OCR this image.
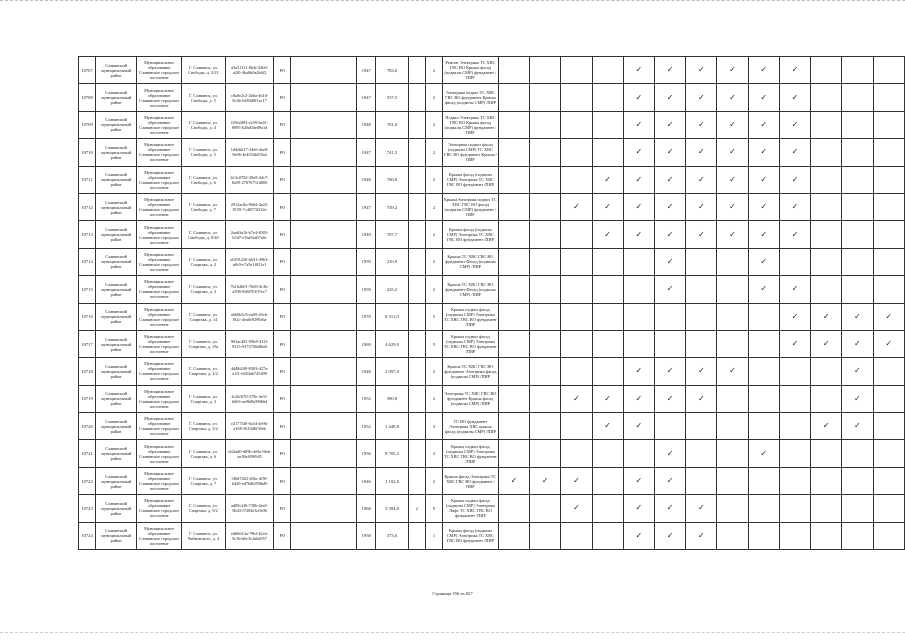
10707	Славянский муниципальный район	Муниципальное образование Славянское городское поселение	Г. Славянск, ул. Свободы, д. 3/21	a5a31111-0b4f-42b0-a2f0-4ba6b0a2b6f2	РО		1947	783,0		2	Ремонт Электрика ТС ХВС ГВС ВО Крыша фасад (подвалы СМР) фундамент /ПИР					✓	✓	✓	✓	✓	✓			
10708	Славянский муниципальный район	Муниципальное образование Славянское городское поселение	Г. Славянск, ул. Свободы, д. 5	c8a0e2c2-2b6a-4b16-8c4b-6284d8f1ac17	РО		1947	557,5		2	Электрика подвал ТС ХВС ГВС ВО фундамент Крыша фасад (подвалы СМР) /ПИР					✓	✓	✓	✓	✓	✓			
10709	Славянский муниципальный район	Муниципальное образование Славянское городское поселение	Г. Славянск, ул. Свободы, д. 4	f29e2d93-e239-4a41-8995-b26d0de09a1d	РО		1948	781,0		2	Подвал Электрика ТС ХВС ГВС ВО Крыша фасад (подвалы СМР) фундамент /ПИР					✓	✓	✓	✓	✓	✓			
10710	Славянский муниципальный район	Муниципальное образование Славянское городское поселение	Г. Славянск, ул. Свободы, д. 5	1d4ebb17-24e6-4ee8-9e06-4e4f52dd50a4	РО		1947	741,5		2	Электрика подвал фасад (подвалы СМР) ТС ХВС ГВС ВО фундамент Крыша /ПИР					✓	✓	✓	✓	✓	✓			
10711	Славянский муниципальный район	Муниципальное образование Славянское городское поселение	Г. Славянск, ул. Свободы, д. 6	b13c0702-28e8-44c7-8a59-27876751d006	РО		1948	760,0		2	Крыша фасад (подвалы СМР) Электрика ТС ХВС ГВС ВО фундамент /ПИР				✓	✓	✓	✓	✓	✓	✓			
10712	Славянский муниципальный район	Муниципальное образование Славянское городское поселение	Г. Славянск, ул. Свободы, д. 7	2912ac8a-9b0d-4a22-8159-7c4f973f322e	РО		1947	749,2		2	КрышаЭлектрика подвал ТС ХВС ГВС ВО фасад (подвалы СМР) фундамент /ПИР			✓	✓	✓	✓	✓	✓	✓	✓			
10713	Славянский муниципальный район	Муниципальное образование Славянское городское поселение	Г. Славянск, ул. Свободы, д. 8/40	2aa63a1b-b7e4-4003-b5d7-e1ba5ea07a6c	РО		1949	707,7		2	Крыша фасад (подвалы СМР) Электрика ТС ХВС ГВС ВО фундамент /ПИР				✓	✓	✓	✓	✓	✓	✓			
10714	Славянский муниципальный район	Муниципальное образование Славянское городское поселение	Г. Славянск, ул. Спартака, д. 2	e0291220-b631-49b3-a8c9-e7a5e1f021e1	РО		1959	210,9		2	Крыша ТС ХВС ГВС ВО фундамент Фасад (подвалы СМР) /ПИР						✓			✓				
10715	Славянский муниципальный район	Муниципальное образование Славянское городское поселение	Г. Славянск, ул. Спартака, д. 3	7b162b01-7b00-4c3b-a598-8d6f70107ec7	РО		1959	225,2		2	Крыша ТС ХВС ГВС ВО фундамент Фасад (подвалы СМР) /ПИР						✓			✓	✓			
10716	Славянский муниципальный район	Муниципальное образование Славянское городское поселение	Г. Славянск, ул. Спартака, д. 14	a6b0b5c9-ea09-43cb-8f2c-4ea0e9299a6a	РО		1970	8 311,0		5	Крыша подвал фасад (подвалы СМР) Электрика ТС ХВС ГВС ВО фундамент /ПИР										✓	✓	✓	✓
10717	Славянский муниципальный район	Муниципальное образование Славянское городское поселение	Г. Славянск, ул. Спартака, д. 15а	963ac481-09b8-412f-9315-9373700a8be6	РО		1969	4 629,9		5	Крыша подвал фасад (подвалы СМР) Электрика ТС ХВС ГВС ВО фундамент /ПИР										✓	✓	✓	✓
10718	Славянский муниципальный район	Муниципальное образование Славянское городское поселение	Г. Славянск, ул. Спартака, д. 2/2	4d48d3f0-8303-427a-a1f1-6454ab745499	РО		1948	2 097,0		2	Крыша ТС ХВС ГВС ВО фундамент Электрика фасад (подвалы СМР) /ПИР					✓	✓	✓	✓				✓	
10719	Славянский муниципальный район	Муниципальное образование Славянское городское поселение	Г. Славянск, ул. Спартака, д. 3	4c2b3f70-378e-4e1f-b663-ae9b0b090b6d	РО		1952	390,8		2	Электрика ТС ХВС ГВС ВО фундамент Крыша фасад (подвалы СМР) /ПИР			✓	✓	✓	✓	✓					✓	
10720	Славянский муниципальный район	Муниципальное образование Славянское городское поселение	Г. Славянск, ул. Спартака, д. 5/2	e2177f40-6a54-4e9b-a168-5610d6f38eb	РО		1952	1 449,8		3	ТС ВО фундамент Электрика ХВС крыша фасад (подвалы СМР) /ПИР				✓	✓						✓	✓	
10721	Славянский муниципальный район	Муниципальное образование Славянское городское поселение	Г. Славянск, ул. Спартака, д. 6	c62fad0-d09b-4e9a-9feb-ae38a409f945	РО		1956	8 705,2		3	Крыша подвал фасад (подвалы СМР) Электрика ТС ХВС ГВС ВО фундамент /ПИР						✓			✓				
10722	Славянский муниципальный район	Муниципальное образование Славянское городское поселение	Г. Славянск, ул. Спартака, д. 7	3f6d7263-20bc-4f9f-b420-ed7bdb959bd9	РО		1946	1 102,8		2	Крыша фасад Электрика ТС ХВС ГВС ВО фундамент /ПИР	✓	✓	✓		✓	✓							
10723	Славянский муниципальный район	Муниципальное образование Славянское городское поселение	Г. Славянск, ул. Спартака, д. 9/2	ad09c2f6-738b-4ea5-8b43-f7284e3c0e06	РО		1968	3 394,8	2	9	Крыша подвал фасад (подвалы СМР) Электрика Лифт ТС ХВС ГВС ВО фундамент /ПИР			✓		✓	✓	✓						
10724	Славянский муниципальный район	Муниципальное образование Славянское городское поселение	Г. Славянск, ул. Чайковского, д. 4	ed66614a-79bf-42cb-9c3b-b6c3c4a6a957	РО		1958	373,6		1	Крыша фасад (подвалы СМР) Электрика ТС ХВС ГВС ВО фундамент /ПИР					✓	✓	✓						
Страница 356 из 827
